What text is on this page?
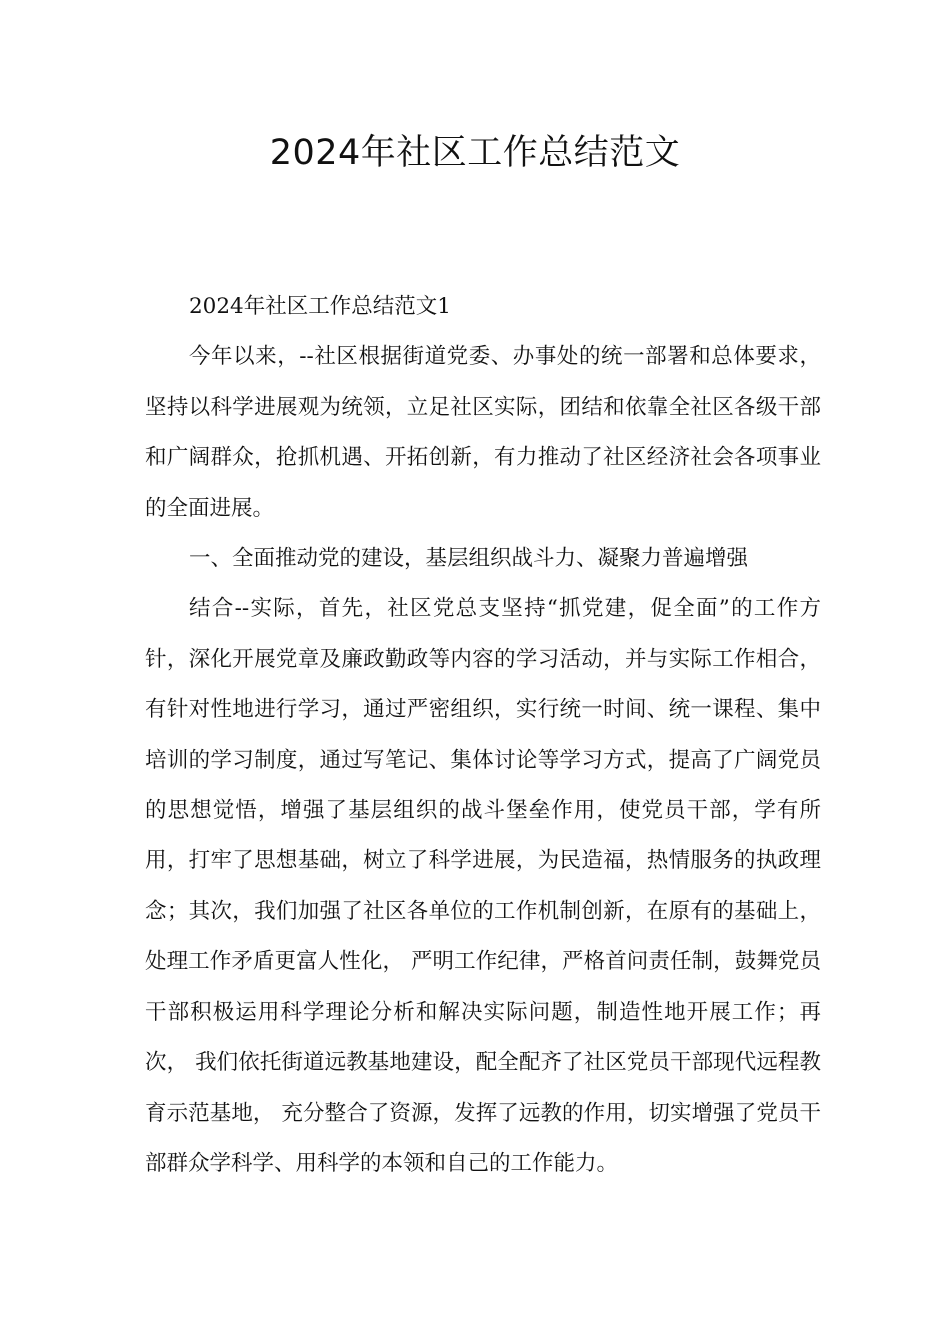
2024年社区工作总结范文

2024年社区工作总结范文1

今年以来，--社区根据街道党委、办事处的统一部署和总体要求，坚持以科学进展观为统领，立足社区实际，团结和依靠全社区各级干部和广阔群众，抢抓机遇、开拓创新，有力推动了社区经济社会各项事业的全面进展。

一、全面推动党的建设，基层组织战斗力、凝聚力普遍增强

结合--实际，首先，社区党总支坚持“抓党建，促全面”的工作方针，深化开展党章及廉政勤政等内容的学习活动，并与实际工作相合，有针对性地进行学习，通过严密组织，实行统一时间、统一课程、集中培训的学习制度，通过写笔记、集体讨论等学习方式，提高了广阔党员的思想觉悟，增强了基层组织的战斗堡垒作用，使党员干部，学有所用，打牢了思想基础，树立了科学进展，为民造福，热情服务的执政理念；其次，我们加强了社区各单位的工作机制创新，在原有的基础上，处理工作矛盾更富人性化， 严明工作纪律，严格首问责任制，鼓舞党员干部积极运用科学理论分析和解决实际问题，制造性地开展工作；再次， 我们依托街道远教基地建设，配全配齐了社区党员干部现代远程教育示范基地， 充分整合了资源，发挥了远教的作用，切实增强了党员干部群众学科学、用科学的本领和自己的工作能力。
